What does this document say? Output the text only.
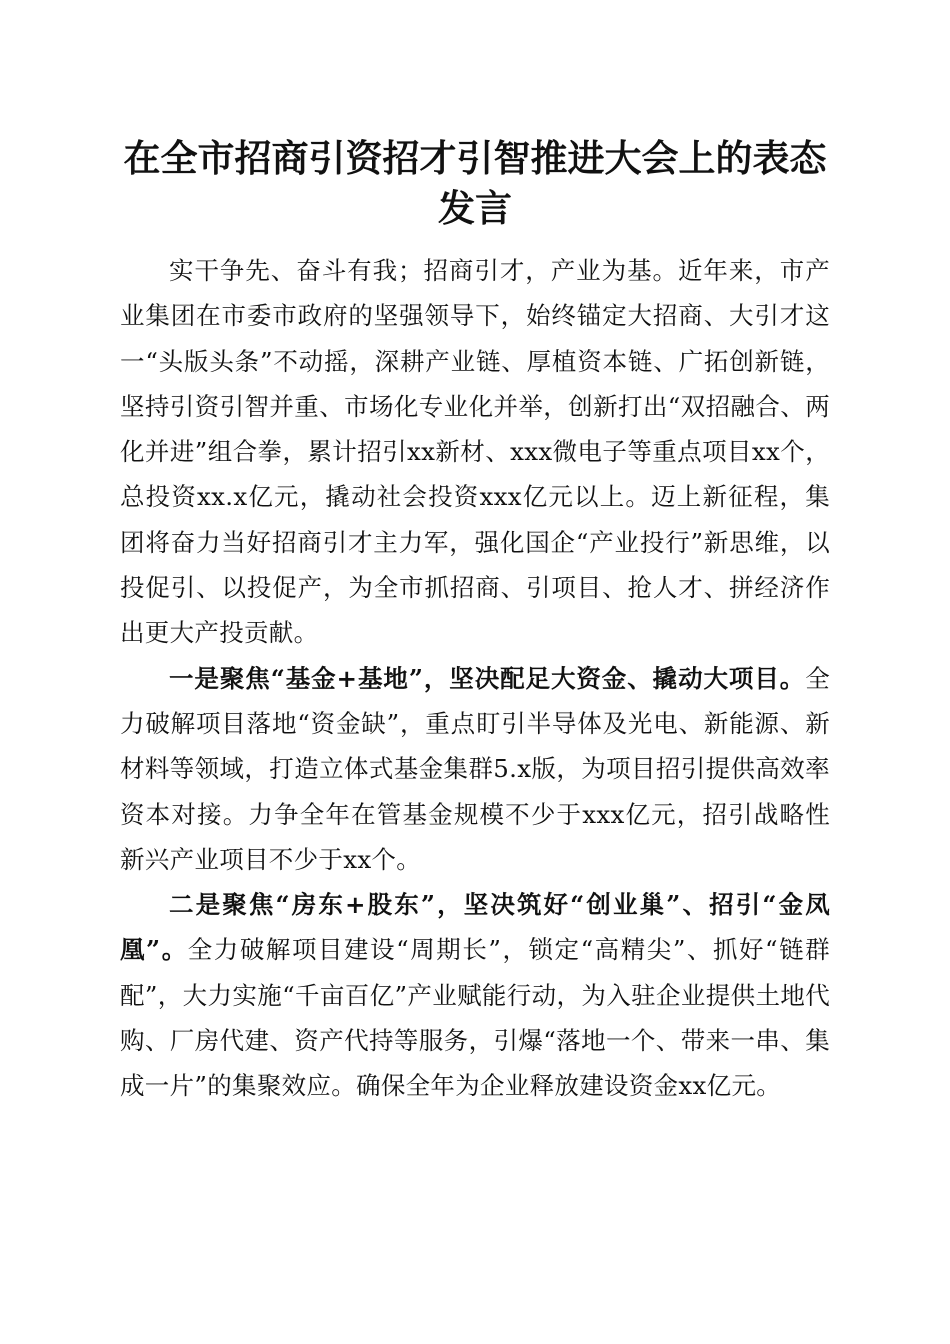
在全市招商引资招才引智推进大会上的表态发言

实干争先、奋斗有我；招商引才，产业为基。近年来，市产业集团在市委市政府的坚强领导下，始终锚定大招商、大引才这一“头版头条”不动摇，深耕产业链、厚植资本链、广拓创新链，坚持引资引智并重、市场化专业化并举，创新打出“双招融合、两化并进”组合拳，累计招引xx新材、xxx微电子等重点项目xx个，总投资xx.x亿元，撬动社会投资xxx亿元以上。迈上新征程，集团将奋力当好招商引才主力军，强化国企“产业投行”新思维，以投促引、以投促产，为全市抓招商、引项目、抢人才、拼经济作出更大产投贡献。

一是聚焦“基金+基地”，坚决配足大资金、撬动大项目。全力破解项目落地“资金缺”，重点盯引半导体及光电、新能源、新材料等领域，打造立体式基金集群5.x版，为项目招引提供高效率资本对接。力争全年在管基金规模不少于xxx亿元，招引战略性新兴产业项目不少于xx个。

二是聚焦“房东+股东”，坚决筑好“创业巢”、招引“金凤凰”。全力破解项目建设“周期长”，锁定“高精尖”、抓好“链群配”，大力实施“千亩百亿”产业赋能行动，为入驻企业提供土地代购、厂房代建、资产代持等服务，引爆“落地一个、带来一串、集成一片”的集聚效应。确保全年为企业释放建设资金xx亿元。
